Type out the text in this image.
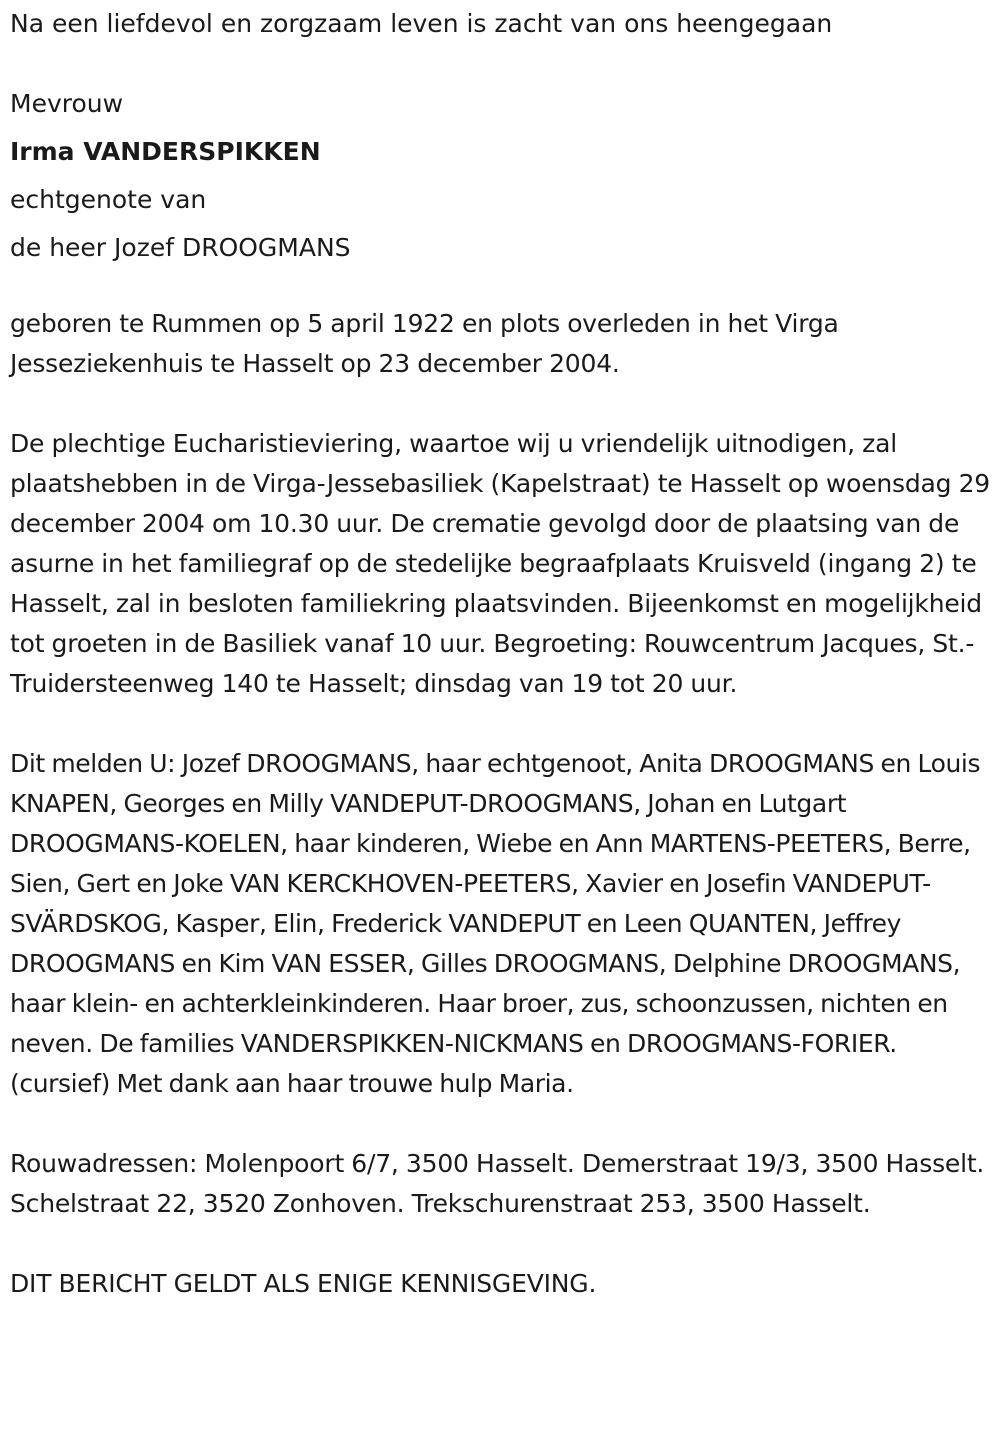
Na een liefdevol en zorgzaam leven is zacht van ons heengegaan

Mevrouw

Irma VANDERSPIKKEN

echtgenote van

de heer Jozef DROOGMANS

geboren te Rummen op 5 april 1922 en plots overleden in het Virga Jesseziekenhuis te Hasselt op 23 december 2004.

De plechtige Eucharistieviering, waartoe wij u vriendelijk uitnodigen, zal plaatshebben in de Virga-Jessebasiliek (Kapelstraat) te Hasselt op woensdag 29 december 2004 om 10.30 uur. De crematie gevolgd door de plaatsing van de asurne in het familiegraf op de stedelijke begraafplaats Kruisveld (ingang 2) te Hasselt, zal in besloten familiekring plaatsvinden. Bijeenkomst en mogelijkheid tot groeten in de Basiliek vanaf 10 uur. Begroeting: Rouwcentrum Jacques, St.-Truidersteenweg 140 te Hasselt; dinsdag van 19 tot 20 uur.

Dit melden U: Jozef DROOGMANS, haar echtgenoot, Anita DROOGMANS en Louis KNAPEN, Georges en Milly VANDEPUT-DROOGMANS, Johan en Lutgart DROOGMANS-KOELEN, haar kinderen, Wiebe en Ann MARTENS-PEETERS, Berre, Sien, Gert en Joke VAN KERCKHOVEN-PEETERS, Xavier en Josefin VANDEPUT-SVÄRDSKOG, Kasper, Elin, Frederick VANDEPUT en Leen QUANTEN, Jeffrey DROOGMANS en Kim VAN ESSER, Gilles DROOGMANS, Delphine DROOGMANS, haar klein- en achterkleinkinderen. Haar broer, zus, schoonzussen, nichten en neven. De families VANDERSPIKKEN-NICKMANS en DROOGMANS-FORIER. (cursief) Met dank aan haar trouwe hulp Maria.

Rouwadressen: Molenpoort 6/7, 3500 Hasselt. Demerstraat 19/3, 3500 Hasselt. Schelstraat 22, 3520 Zonhoven. Trekschurenstraat 253, 3500 Hasselt.

DIT BERICHT GELDT ALS ENIGE KENNISGEVING.
